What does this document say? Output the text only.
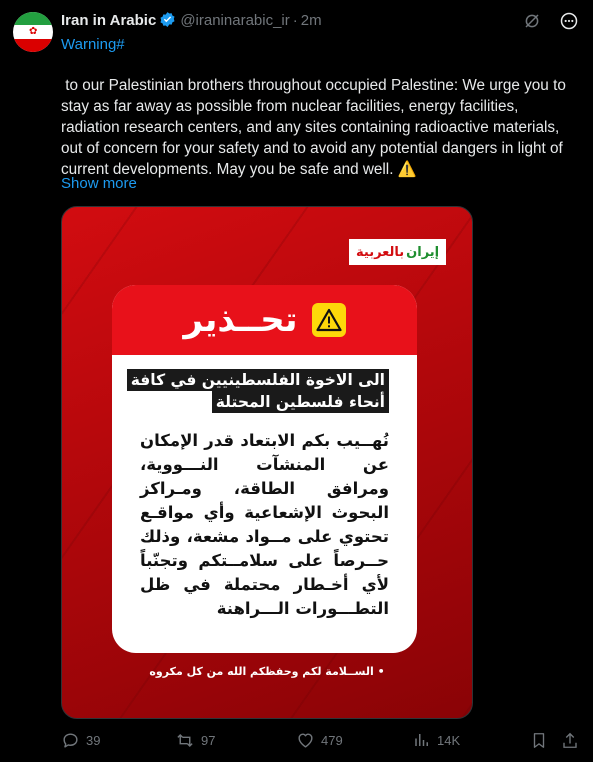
✿
Iran in Arabic @iraninarabic_ir · 2m
Warning#
to our Palestinian brothers throughout occupied Palestine: We urge you to stay as far away as possible from nuclear facilities, energy facilities, radiation research centers, and any sites containing radioactive materials, out of concern for your safety and to avoid any potential dangers in light of current developments. May you be safe and well. ⚠️
Show more
إيران
بالعربية
تحــذير
الى الاخوة الفلسطينيين في كافة
أنحاء فلسطين المحتلة
نُهــيب بكم الابتعاد قدر الإمكان عن المنشآت النـــووية، ومرافق الطاقة، ومـراكز البحوث الإشعاعية وأي مواقـع تحتوي على مــواد مشعة، وذلك حــرصاً على سلامــتكم وتجنّباً لأي أخـطار محتملة في ظل التطـــورات الـــراهنة
• الســلامة لكم وحفظكم الله من كل مكروه
39	97	479	14K
